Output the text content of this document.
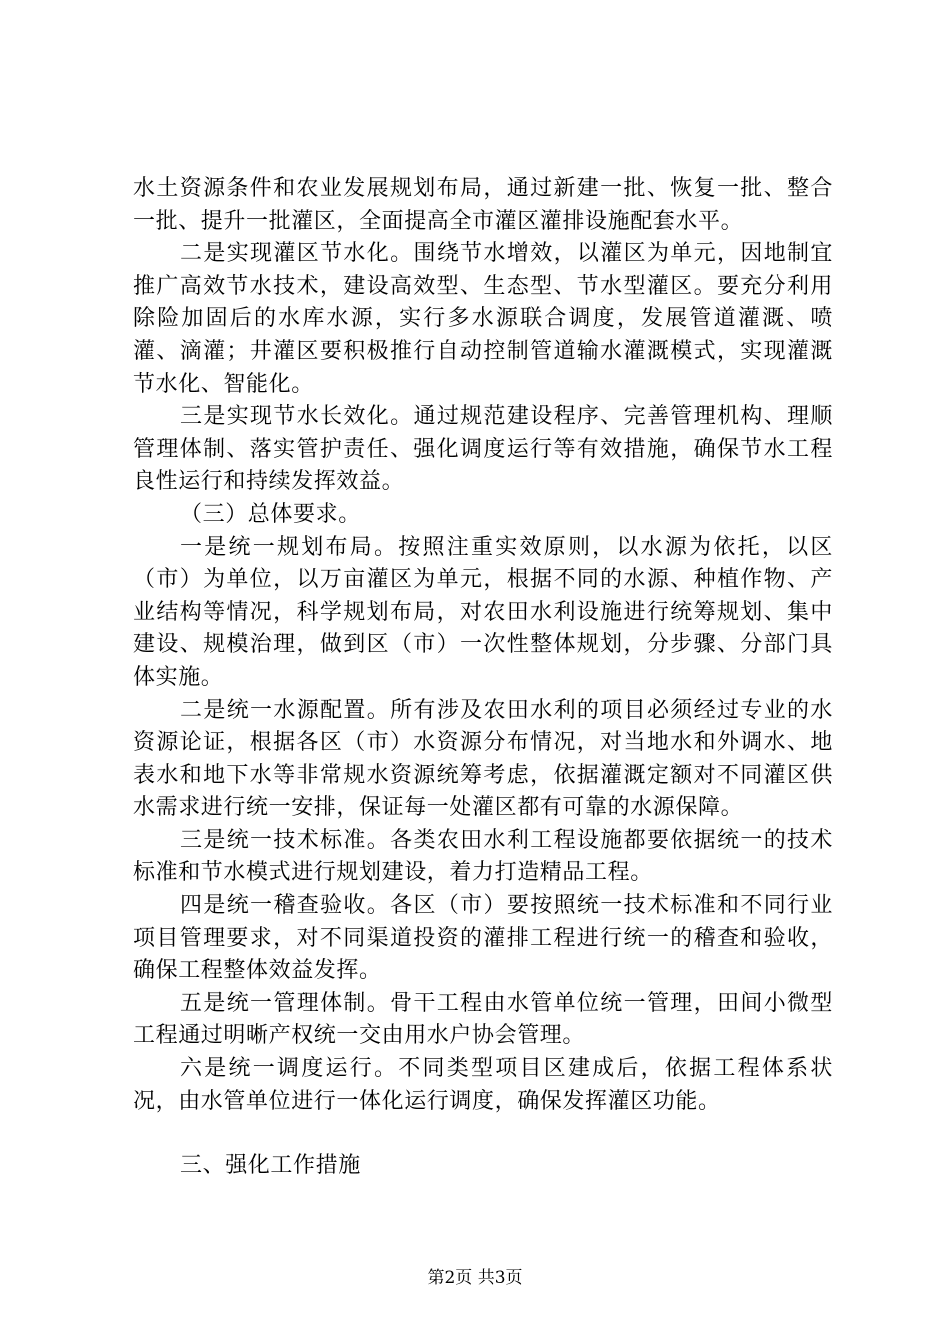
水土资源条件和农业发展规划布局，通过新建一批、恢复一批、整合一批、提升一批灌区，全面提高全市灌区灌排设施配套水平。

二是实现灌区节水化。围绕节水增效，以灌区为单元，因地制宜推广高效节水技术，建设高效型、生态型、节水型灌区。要充分利用除险加固后的水库水源，实行多水源联合调度，发展管道灌溉、喷灌、滴灌；井灌区要积极推行自动控制管道输水灌溉模式，实现灌溉节水化、智能化。

三是实现节水长效化。通过规范建设程序、完善管理机构、理顺管理体制、落实管护责任、强化调度运行等有效措施，确保节水工程良性运行和持续发挥效益。

（三）总体要求。

一是统一规划布局。按照注重实效原则，以水源为依托，以区（市）为单位，以万亩灌区为单元，根据不同的水源、种植作物、产业结构等情况，科学规划布局，对农田水利设施进行统筹规划、集中建设、规模治理，做到区（市）一次性整体规划，分步骤、分部门具体实施。

二是统一水源配置。所有涉及农田水利的项目必须经过专业的水资源论证，根据各区（市）水资源分布情况，对当地水和外调水、地表水和地下水等非常规水资源统筹考虑，依据灌溉定额对不同灌区供水需求进行统一安排，保证每一处灌区都有可靠的水源保障。

三是统一技术标准。各类农田水利工程设施都要依据统一的技术标准和节水模式进行规划建设，着力打造精品工程。

四是统一稽查验收。各区（市）要按照统一技术标准和不同行业项目管理要求，对不同渠道投资的灌排工程进行统一的稽查和验收，确保工程整体效益发挥。

五是统一管理体制。骨干工程由水管单位统一管理，田间小微型工程通过明晰产权统一交由用水户协会管理。

六是统一调度运行。不同类型项目区建成后，依据工程体系状况，由水管单位进行一体化运行调度，确保发挥灌区功能。

三、强化工作措施

第2页 共3页
